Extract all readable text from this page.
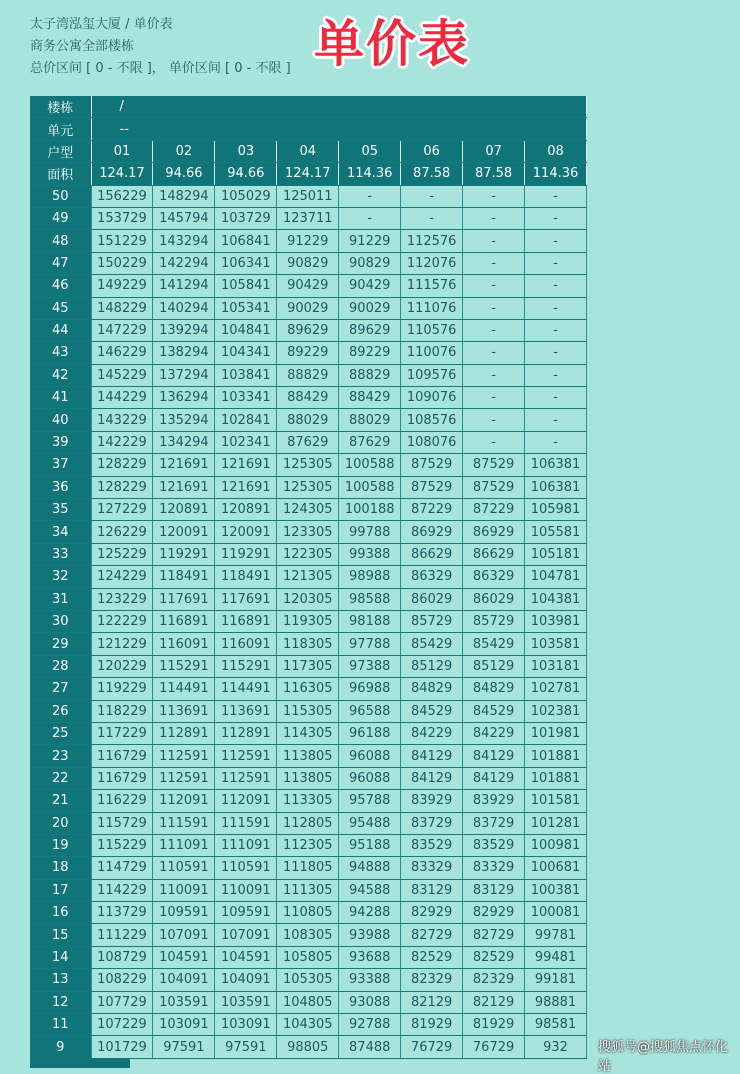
太子湾泓玺大厦 / 单价表
商务公寓全部楼栋
总价区间 [ 0 - 不限 ]， 单价区间 [ 0 - 不限 ] 单价表
楼栋	/							
单元	--							
户型	01	02	03	04	05	06	07	08
面积	124.17	94.66	94.66	124.17	114.36	87.58	87.58	114.36
50	156229	148294	105029	125011	-	-	-	-
49	153729	145794	103729	123711	-	-	-	-
48	151229	143294	106841	91229	91229	112576	-	-
47	150229	142294	106341	90829	90829	112076	-	-
46	149229	141294	105841	90429	90429	111576	-	-
45	148229	140294	105341	90029	90029	111076	-	-
44	147229	139294	104841	89629	89629	110576	-	-
43	146229	138294	104341	89229	89229	110076	-	-
42	145229	137294	103841	88829	88829	109576	-	-
41	144229	136294	103341	88429	88429	109076	-	-
40	143229	135294	102841	88029	88029	108576	-	-
39	142229	134294	102341	87629	87629	108076	-	-
37	128229	121691	121691	125305	100588	87529	87529	106381
36	128229	121691	121691	125305	100588	87529	87529	106381
35	127229	120891	120891	124305	100188	87229	87229	105981
34	126229	120091	120091	123305	99788	86929	86929	105581
33	125229	119291	119291	122305	99388	86629	86629	105181
32	124229	118491	118491	121305	98988	86329	86329	104781
31	123229	117691	117691	120305	98588	86029	86029	104381
30	122229	116891	116891	119305	98188	85729	85729	103981
29	121229	116091	116091	118305	97788	85429	85429	103581
28	120229	115291	115291	117305	97388	85129	85129	103181
27	119229	114491	114491	116305	96988	84829	84829	102781
26	118229	113691	113691	115305	96588	84529	84529	102381
25	117229	112891	112891	114305	96188	84229	84229	101981
23	116729	112591	112591	113805	96088	84129	84129	101881
22	116729	112591	112591	113805	96088	84129	84129	101881
21	116229	112091	112091	113305	95788	83929	83929	101581
20	115729	111591	111591	112805	95488	83729	83729	101281
19	115229	111091	111091	112305	95188	83529	83529	100981
18	114729	110591	110591	111805	94888	83329	83329	100681
17	114229	110091	110091	111305	94588	83129	83129	100381
16	113729	109591	109591	110805	94288	82929	82929	100081
15	111229	107091	107091	108305	93988	82729	82729	99781
14	108729	104591	104591	105805	93688	82529	82529	99481
13	108229	104091	104091	105305	93388	82329	82329	99181
12	107729	103591	103591	104805	93088	82129	82129	98881
11	107229	103091	103091	104305	92788	81929	81929	98581
9	101729	97591	97591	98805	87488	76729	76729	932 搜狐号@搜狐焦点怀化站
